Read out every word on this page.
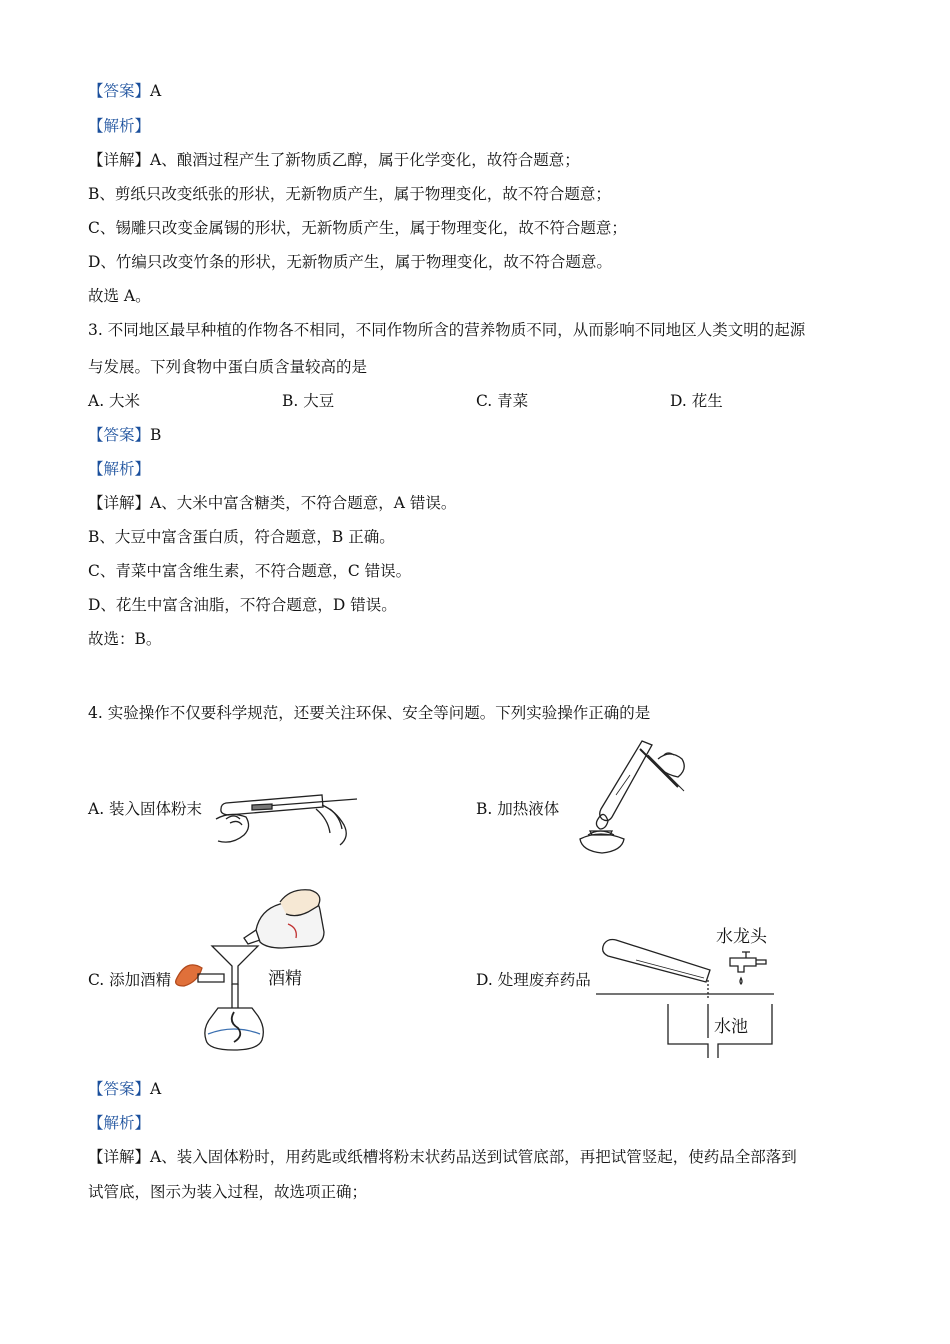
【答案】A
【解析】
【详解】A、酿酒过程产生了新物质乙醇，属于化学变化，故符合题意；
B、剪纸只改变纸张的形状，无新物质产生，属于物理变化，故不符合题意；
C、锡雕只改变金属锡的形状，无新物质产生，属于物理变化，故不符合题意；
D、竹编只改变竹条的形状，无新物质产生，属于物理变化，故不符合题意。
故选 A。
3. 不同地区最早种植的作物各不相同，不同作物所含的营养物质不同，从而影响不同地区人类文明的起源
与发展。下列食物中蛋白质含量较高的是
A. 大米	B. 大豆	C. 青菜	D. 花生
【答案】B
【解析】
【详解】A、大米中富含糖类，不符合题意，A 错误。
B、大豆中富含蛋白质，符合题意，B 正确。
C、青菜中富含维生素，不符合题意，C 错误。
D、花生中富含油脂，不符合题意，D 错误。
故选：B。
4. 实验操作不仅要科学规范，还要关注环保、安全等问题。下列实验操作正确的是
A. 装入固体粉末	B. 加热液体
C. 添加酒精	D. 处理废弃药品
酒精
水龙头
水池
【答案】A
【解析】
【详解】A、装入固体粉时，用药匙或纸槽将粉末状药品送到试管底部，再把试管竖起，使药品全部落到
试管底，图示为装入过程，故选项正确；
